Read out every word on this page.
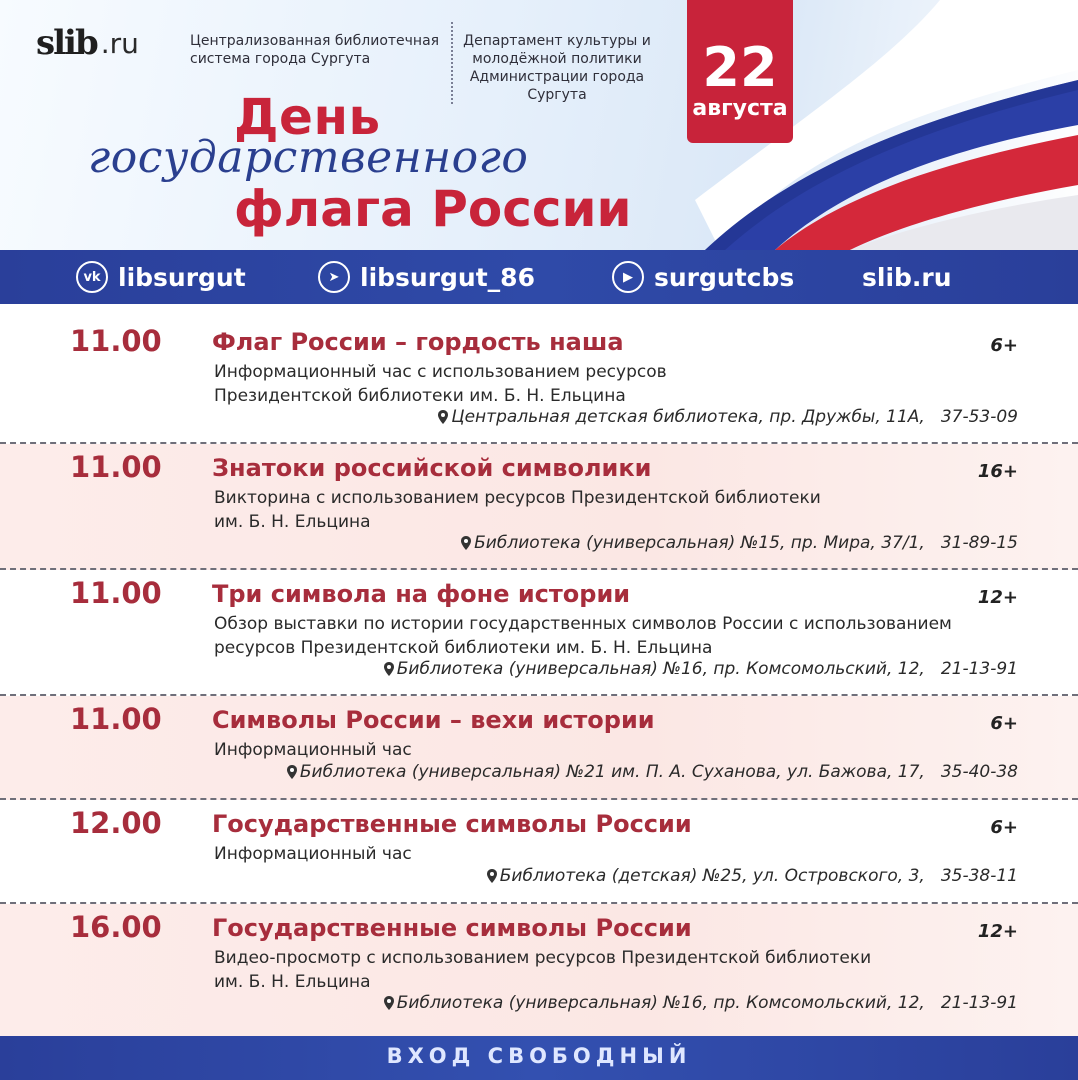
slib .ru	Централизованная библиотечная система города Сургута
Департамент культуры и молодёжной политики Администрации города Сургута
День
государственного
флага России
22
августа
vk libsurgut	➤ libsurgut_86	▶ surgutcbs	slib.ru
11.00 Флаг России – гордость наша	6+
Информационный час с использованием ресурсов Президентской библиотеки им. Б. Н. Ельцина
Центральная детская библиотека, пр. Дружбы, 11А, 37-53-09
11.00 Знатоки российской символики	16+
Викторина с использованием ресурсов Президентской библиотеки им. Б. Н. Ельцина
Библиотека (универсальная) №15, пр. Мира, 37/1, 31-89-15
11.00 Три символа на фоне истории	12+
Обзор выставки по истории государственных символов России с использованием ресурсов Президентской библиотеки им. Б. Н. Ельцина
Библиотека (универсальная) №16, пр. Комсомольский, 12, 21-13-91
11.00 Символы России – вехи истории	6+
Информационный час
Библиотека (универсальная) №21 им. П. А. Суханова, ул. Бажова, 17, 35-40-38
12.00 Государственные символы России	6+
Информационный час
Библиотека (детская) №25, ул. Островского, 3, 35-38-11
16.00 Государственные символы России	12+
Видео-просмотр с использованием ресурсов Президентской библиотеки им. Б. Н. Ельцина
Библиотека (универсальная) №16, пр. Комсомольский, 12, 21-13-91
ВХОД СВОБОДНЫЙ
